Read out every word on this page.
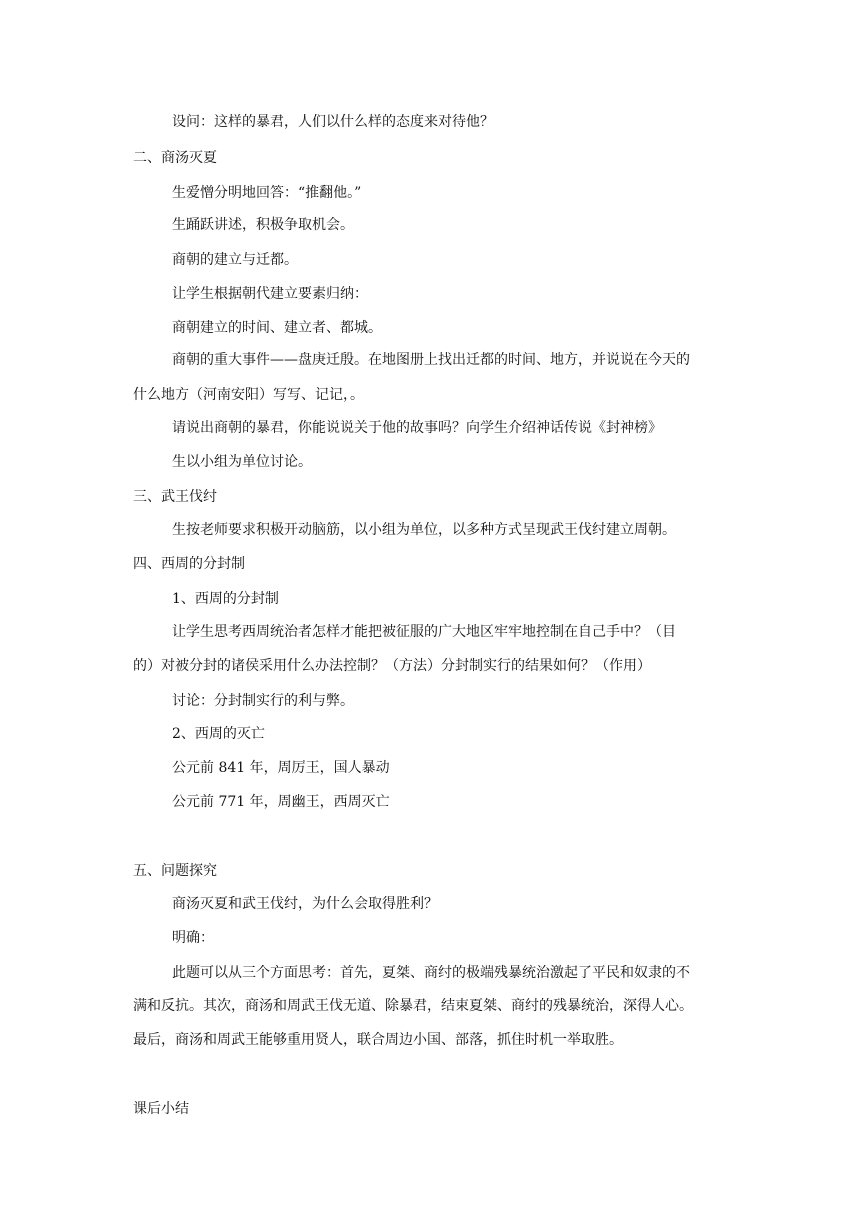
设问：这样的暴君，人们以什么样的态度来对待他？
二、商汤灭夏
生爱憎分明地回答：“推翻他。”
生踊跃讲述，积极争取机会。
商朝的建立与迁都。
让学生根据朝代建立要素归纳：
商朝建立的时间、建立者、都城。
商朝的重大事件——盘庚迁殷。在地图册上找出迁都的时间、地方，并说说在今天的
什么地方（河南安阳）写写、记记，。
请说出商朝的暴君，你能说说关于他的故事吗？向学生介绍神话传说《封神榜》
生以小组为单位讨论。
三、武王伐纣
生按老师要求积极开动脑筋，以小组为单位，以多种方式呈现武王伐纣建立周朝。
四、西周的分封制
1、西周的分封制
让学生思考西周统治者怎样才能把被征服的广大地区牢牢地控制在自己手中？（目
的）对被分封的诸侯采用什么办法控制？（方法）分封制实行的结果如何？（作用）
讨论：分封制实行的利与弊。
2、西周的灭亡
公元前 841 年，周厉王，国人暴动
公元前 771 年，周幽王，西周灭亡
五、问题探究
商汤灭夏和武王伐纣，为什么会取得胜利？
明确：
此题可以从三个方面思考：首先，夏桀、商纣的极端残暴统治激起了平民和奴隶的不
满和反抗。其次，商汤和周武王伐无道、除暴君，结束夏桀、商纣的残暴统治，深得人心。
最后，商汤和周武王能够重用贤人，联合周边小国、部落，抓住时机一举取胜。
课后小结
